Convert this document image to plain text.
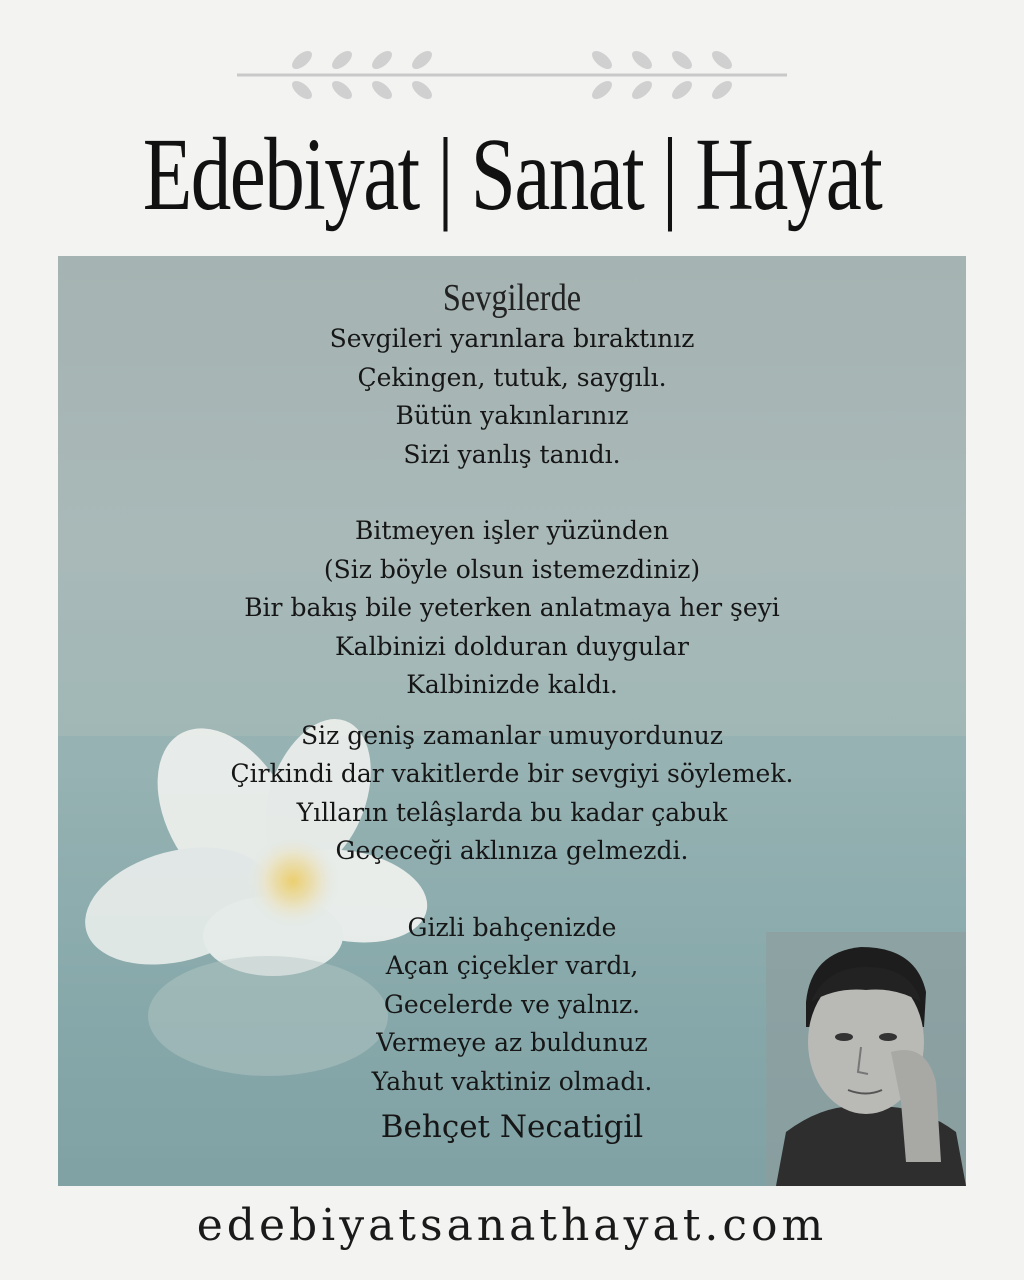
Edebiyat | Sanat | Hayat
Sevgilerde
Sevgileri yarınlara bıraktınız
Çekingen, tutuk, saygılı.
Bütün yakınlarınız
Sizi yanlış tanıdı.
Bitmeyen işler yüzünden
(Siz böyle olsun istemezdiniz)
Bir bakış bile yeterken anlatmaya her şeyi
Kalbinizi dolduran duygular
Kalbinizde kaldı.
Siz geniş zamanlar umuyordunuz
Çirkindi dar vakitlerde bir sevgiyi söylemek.
Yılların telâşlarda bu kadar çabuk
Geçeceği aklınıza gelmezdi.
Gizli bahçenizde
Açan çiçekler vardı,
Gecelerde ve yalnız.
Vermeye az buldunuz
Yahut vaktiniz olmadı.
Behçet Necatigil
edebiyatsanathayat.com
